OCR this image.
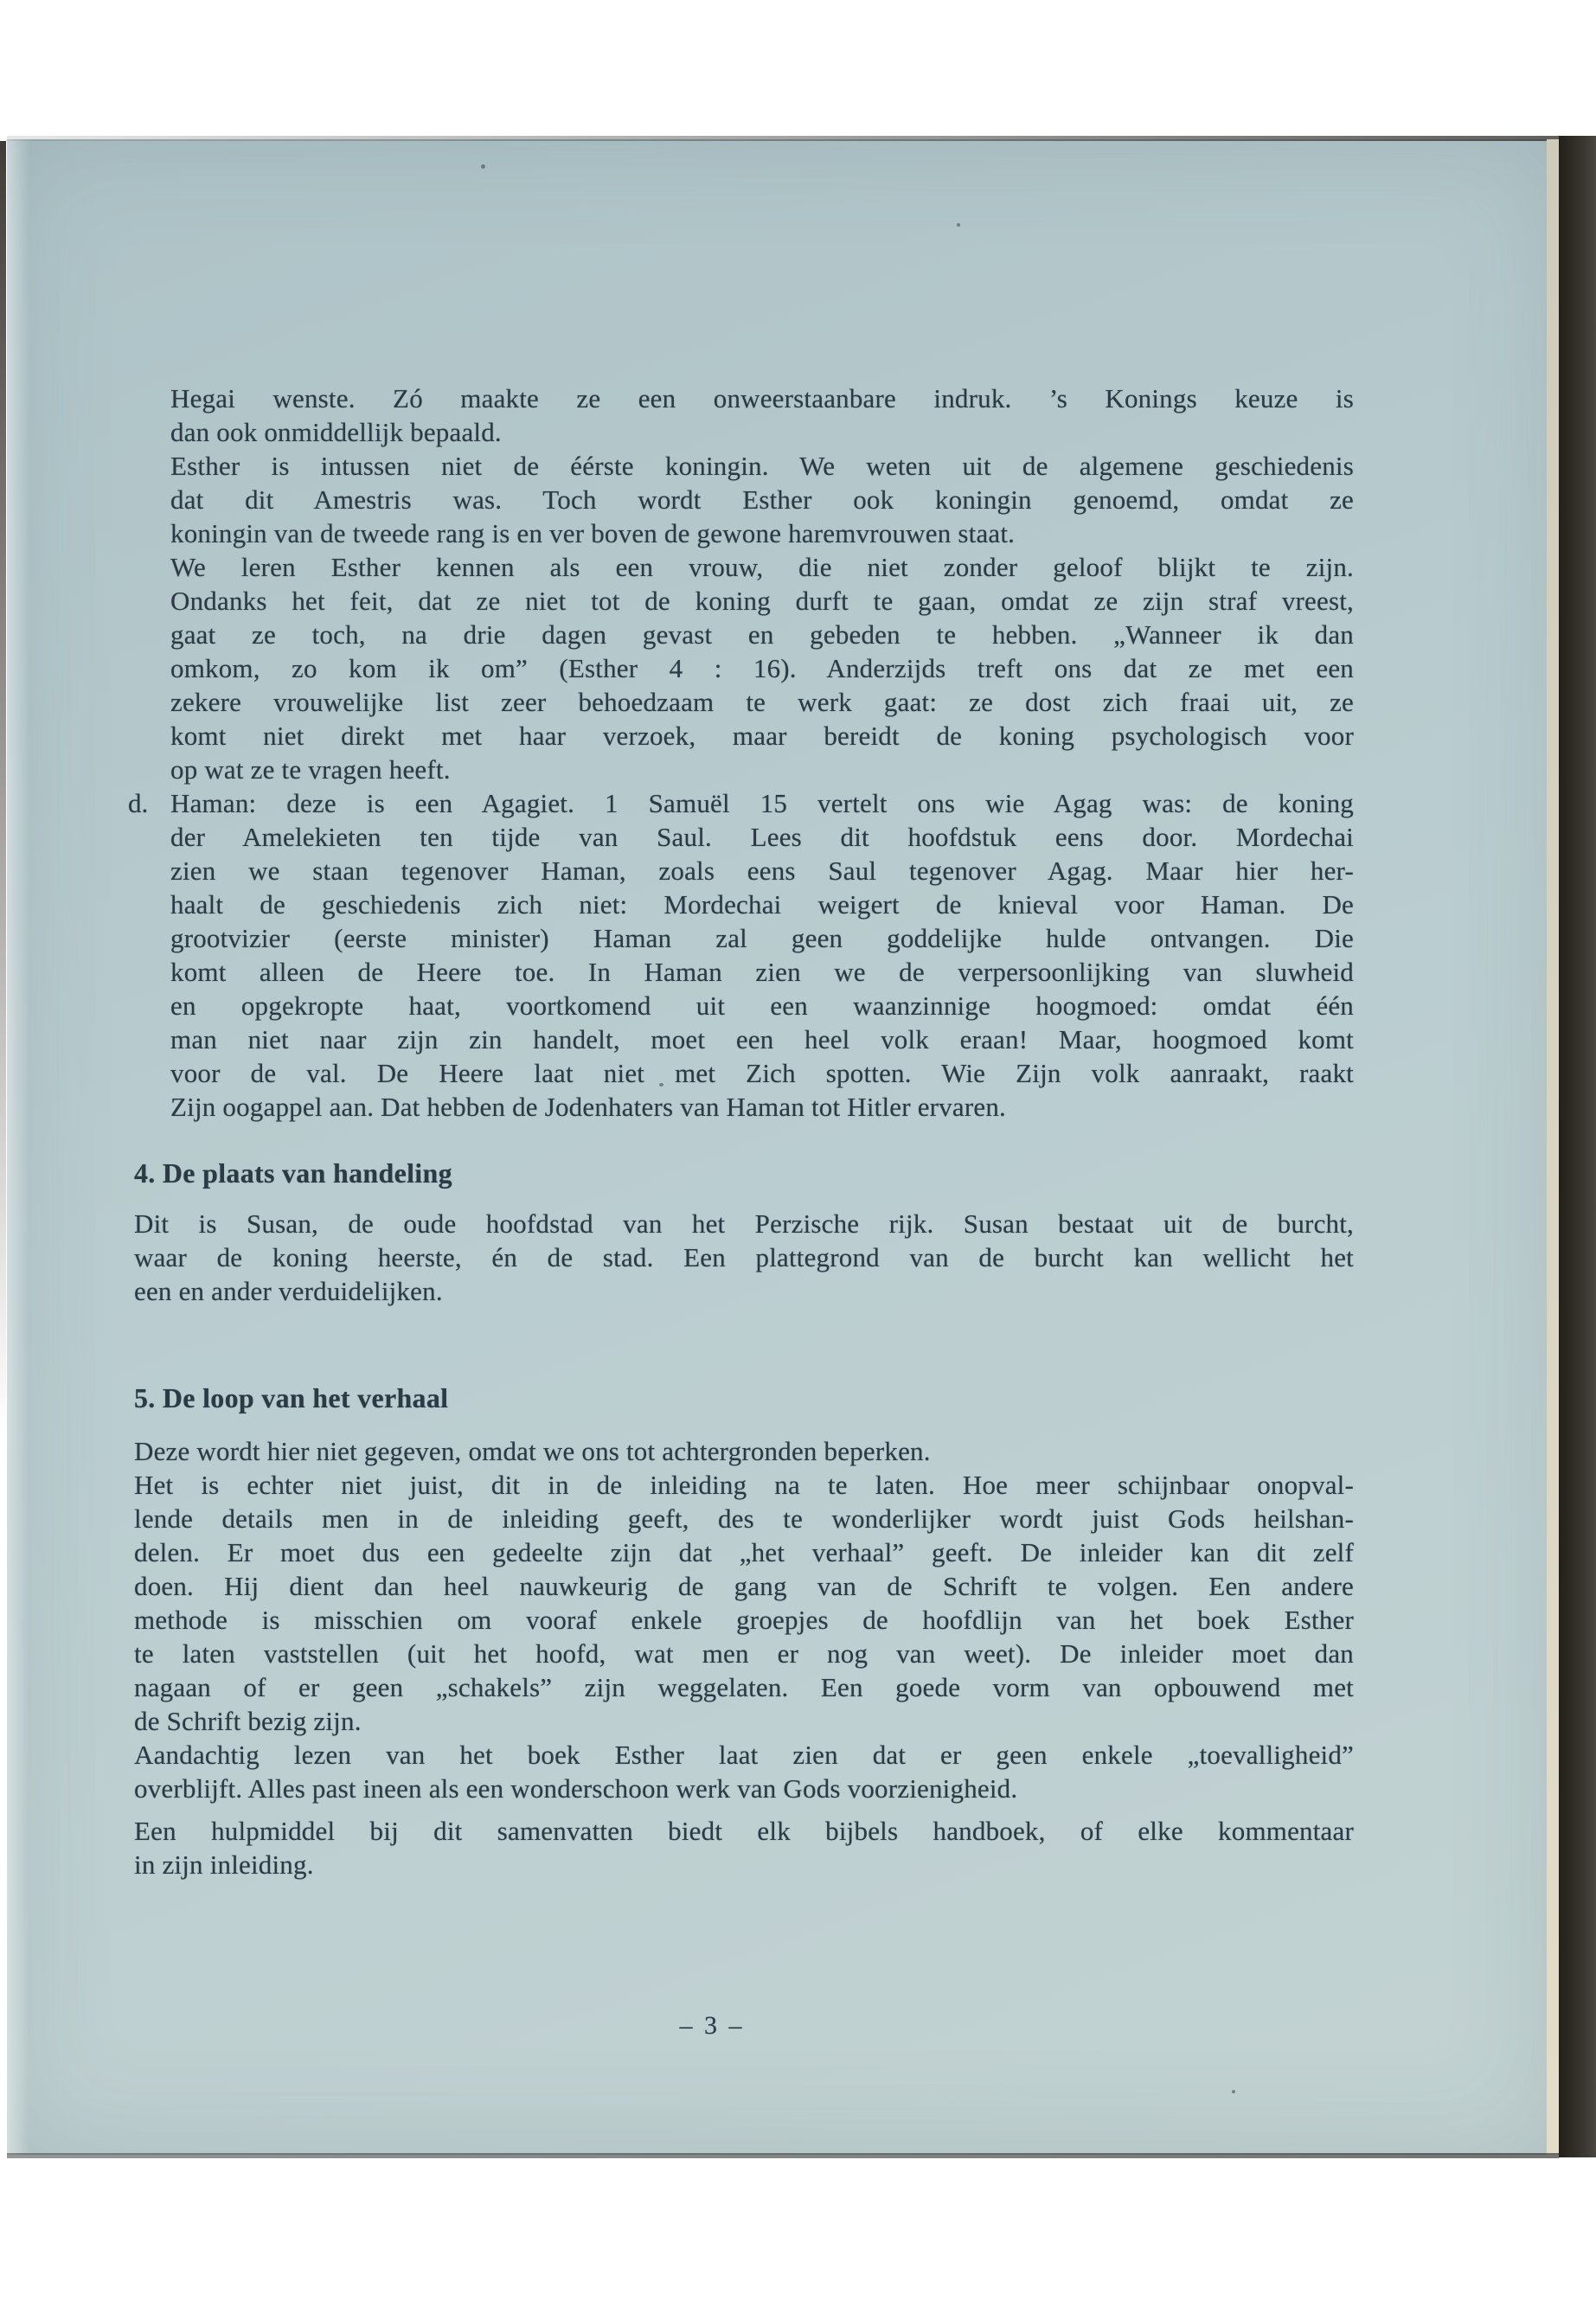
Hegai wenste. Zó maakte ze een onweerstaanbare indruk. ’s Konings keuze is
dan ook onmiddellijk bepaald.
Esther is intussen niet de éérste koningin. We weten uit de algemene geschiedenis
dat dit Amestris was. Toch wordt Esther ook koningin genoemd, omdat ze
koningin van de tweede rang is en ver boven de gewone haremvrouwen staat.
We leren Esther kennen als een vrouw, die niet zonder geloof blijkt te zijn.
Ondanks het feit, dat ze niet tot de koning durft te gaan, omdat ze zijn straf vreest,
gaat ze toch, na drie dagen gevast en gebeden te hebben. „Wanneer ik dan
omkom, zo kom ik om” (Esther 4 : 16). Anderzijds treft ons dat ze met een
zekere vrouwelijke list zeer behoedzaam te werk gaat: ze dost zich fraai uit, ze
komt niet direkt met haar verzoek, maar bereidt de koning psychologisch voor
op wat ze te vragen heeft.
d. Haman: deze is een Agagiet. 1 Samuël 15 vertelt ons wie Agag was: de koning
der Amelekieten ten tijde van Saul. Lees dit hoofdstuk eens door. Mordechai
zien we staan tegenover Haman, zoals eens Saul tegenover Agag. Maar hier her-
haalt de geschiedenis zich niet: Mordechai weigert de knieval voor Haman. De
grootvizier (eerste minister) Haman zal geen goddelijke hulde ontvangen. Die
komt alleen de Heere toe. In Haman zien we de verpersoonlijking van sluwheid
en opgekropte haat, voortkomend uit een waanzinnige hoogmoed: omdat één
man niet naar zijn zin handelt, moet een heel volk eraan! Maar, hoogmoed komt
voor de val. De Heere laat niet met Zich spotten. Wie Zijn volk aanraakt, raakt
Zijn oogappel aan. Dat hebben de Jodenhaters van Haman tot Hitler ervaren.
4. De plaats van handeling
Dit is Susan, de oude hoofdstad van het Perzische rijk. Susan bestaat uit de burcht,
waar de koning heerste, én de stad. Een plattegrond van de burcht kan wellicht het
een en ander verduidelijken.
5. De loop van het verhaal
Deze wordt hier niet gegeven, omdat we ons tot achtergronden beperken.
Het is echter niet juist, dit in de inleiding na te laten. Hoe meer schijnbaar onopval-
lende details men in de inleiding geeft, des te wonderlijker wordt juist Gods heilshan-
delen. Er moet dus een gedeelte zijn dat „het verhaal” geeft. De inleider kan dit zelf
doen. Hij dient dan heel nauwkeurig de gang van de Schrift te volgen. Een andere
methode is misschien om vooraf enkele groepjes de hoofdlijn van het boek Esther
te laten vaststellen (uit het hoofd, wat men er nog van weet). De inleider moet dan
nagaan of er geen „schakels” zijn weggelaten. Een goede vorm van opbouwend met
de Schrift bezig zijn.
Aandachtig lezen van het boek Esther laat zien dat er geen enkele „toevalligheid”
overblijft. Alles past ineen als een wonderschoon werk van Gods voorzienigheid.
Een hulpmiddel bij dit samenvatten biedt elk bijbels handboek, of elke kommentaar
in zijn inleiding.
– 3 –
